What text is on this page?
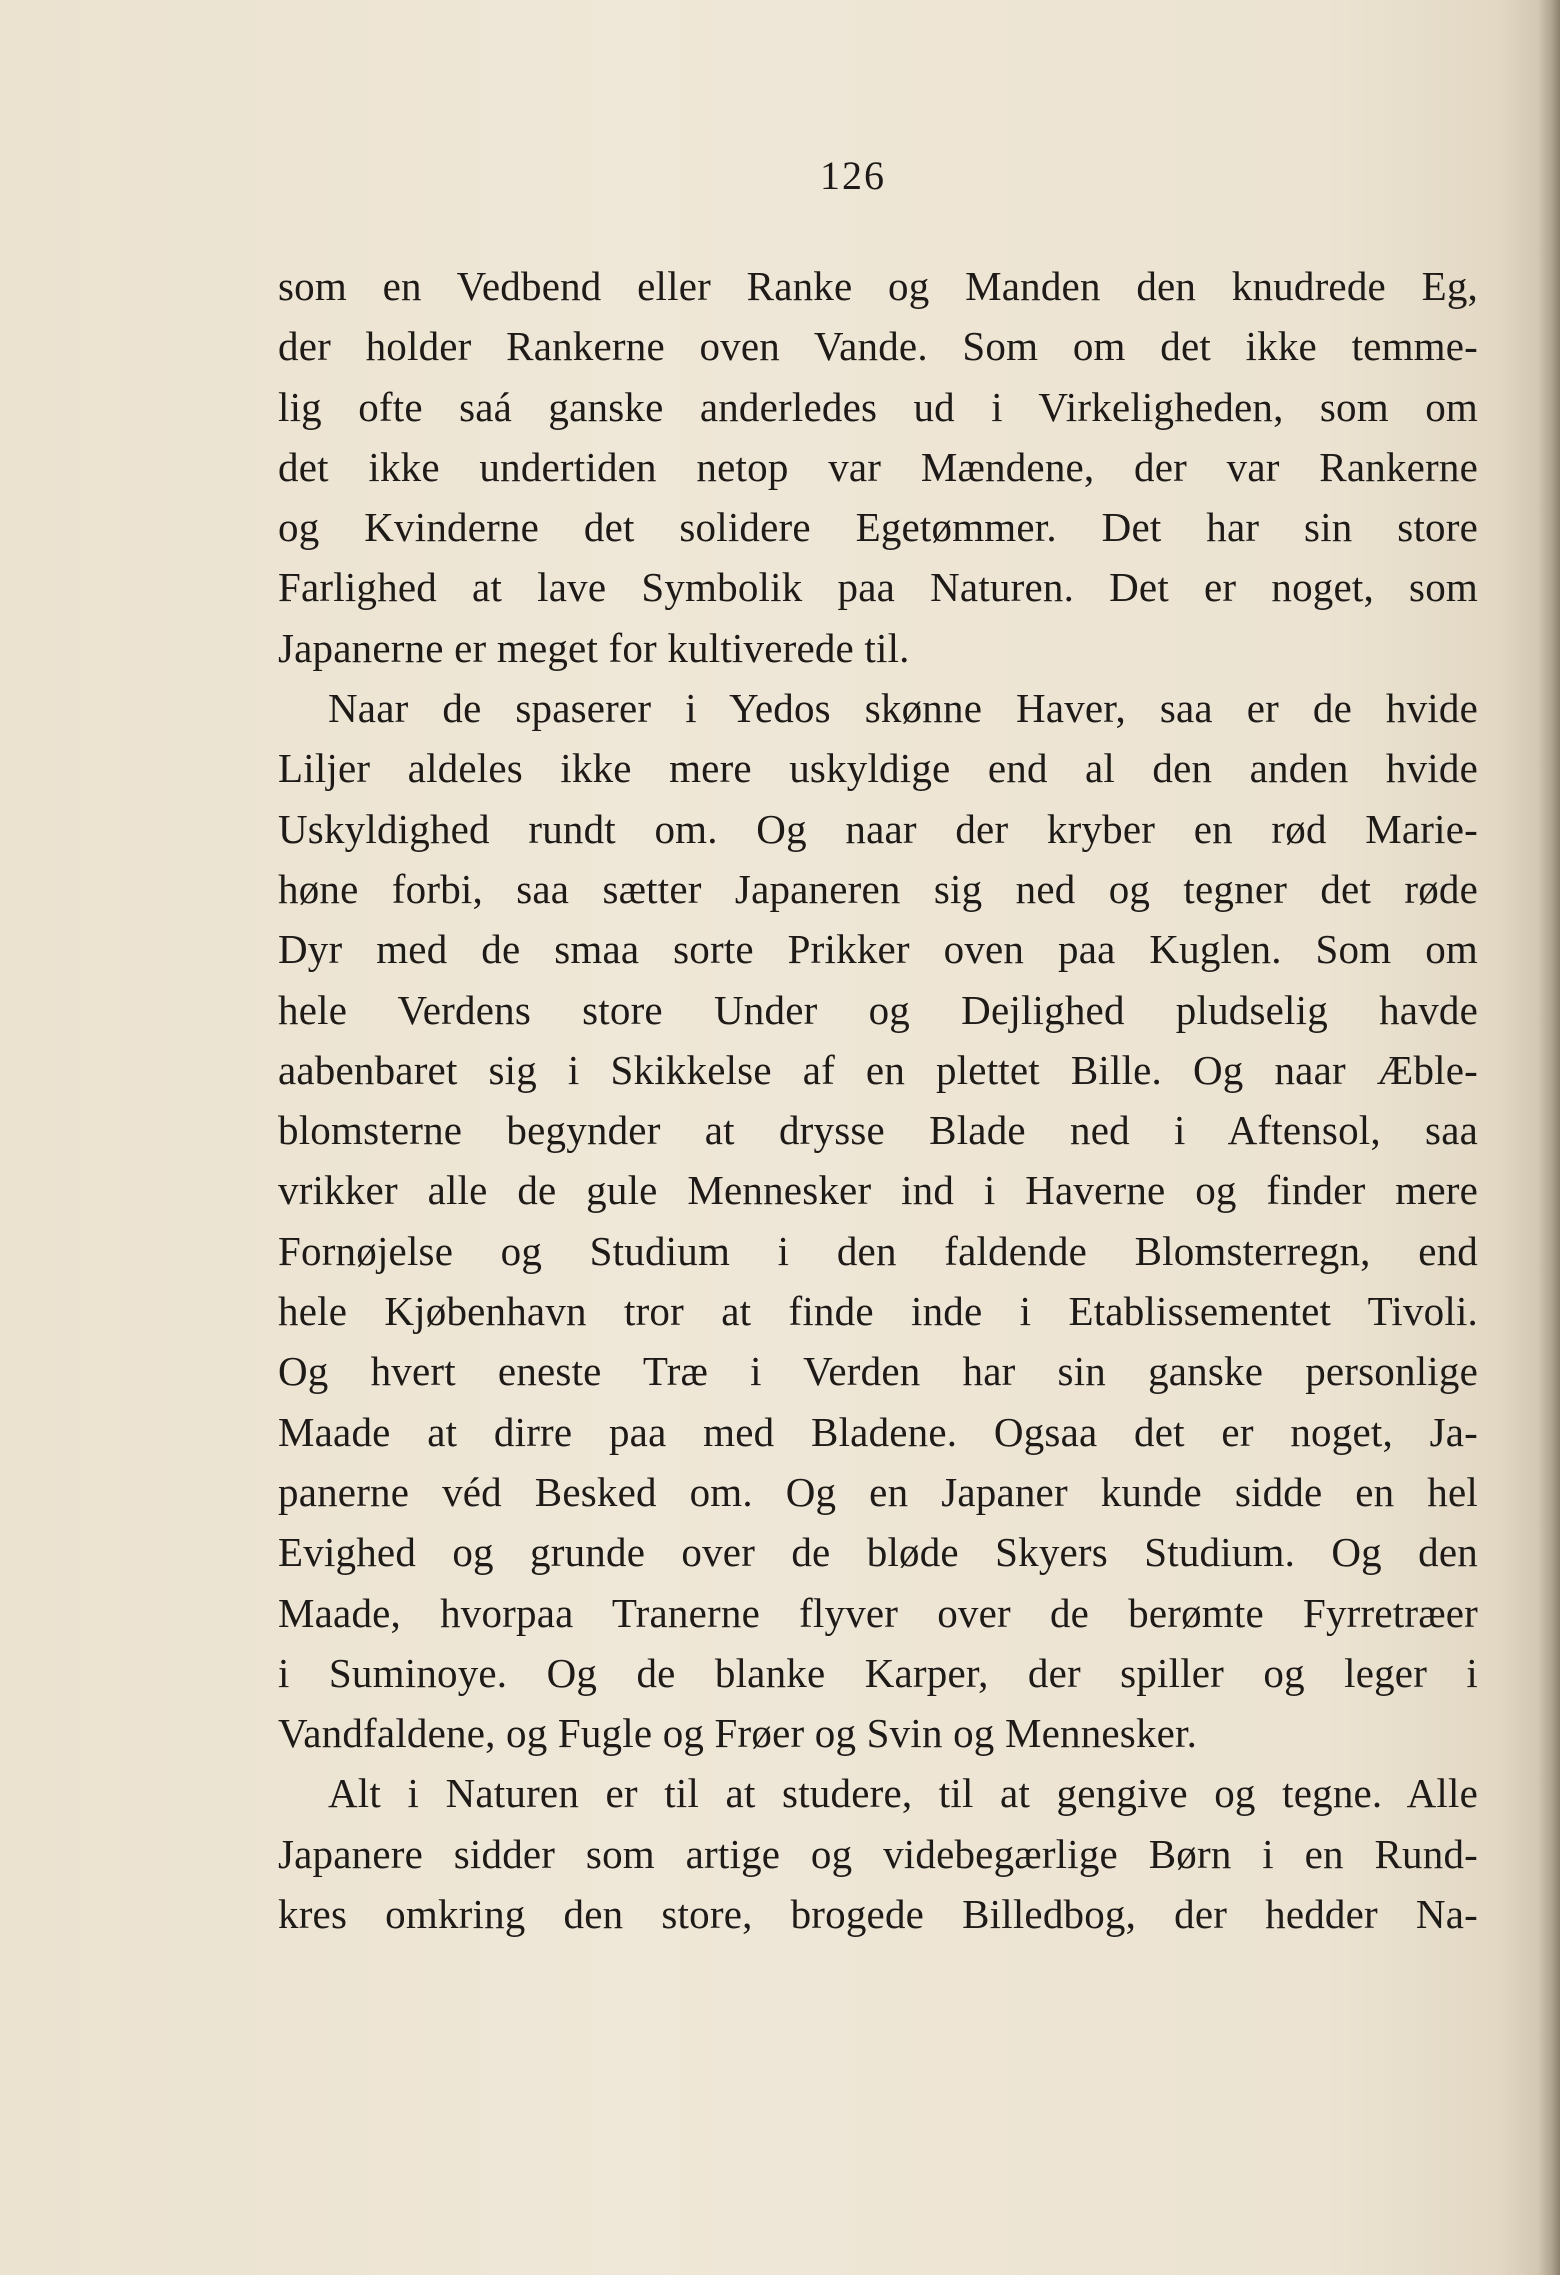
126
som en Vedbend eller Ranke og Manden den knudrede Eg,
der holder Rankerne oven Vande. Som om det ikke temme-
lig ofte saá ganske anderledes ud i Virkeligheden, som om
det ikke undertiden netop var Mændene, der var Rankerne
og Kvinderne det solidere Egetømmer. Det har sin store
Farlighed at lave Symbolik paa Naturen. Det er noget, som
Japanerne er meget for kultiverede til.
Naar de spaserer i Yedos skønne Haver, saa er de hvide
Liljer aldeles ikke mere uskyldige end al den anden hvide
Uskyldighed rundt om. Og naar der kryber en rød Marie-
høne forbi, saa sætter Japaneren sig ned og tegner det røde
Dyr med de smaa sorte Prikker oven paa Kuglen. Som om
hele Verdens store Under og Dejlighed pludselig havde
aabenbaret sig i Skikkelse af en plettet Bille. Og naar Æble-
blomsterne begynder at drysse Blade ned i Aftensol, saa
vrikker alle de gule Mennesker ind i Haverne og finder mere
Fornøjelse og Studium i den faldende Blomsterregn, end
hele Kjøbenhavn tror at finde inde i Etablissementet Tivoli.
Og hvert eneste Træ i Verden har sin ganske personlige
Maade at dirre paa med Bladene. Ogsaa det er noget, Ja-
panerne véd Besked om. Og en Japaner kunde sidde en hel
Evighed og grunde over de bløde Skyers Studium. Og den
Maade, hvorpaa Tranerne flyver over de berømte Fyrretræer
i Suminoye. Og de blanke Karper, der spiller og leger i
Vandfaldene, og Fugle og Frøer og Svin og Mennesker.
Alt i Naturen er til at studere, til at gengive og tegne. Alle
Japanere sidder som artige og videbegærlige Børn i en Rund-
kres omkring den store, brogede Billedbog, der hedder Na-
